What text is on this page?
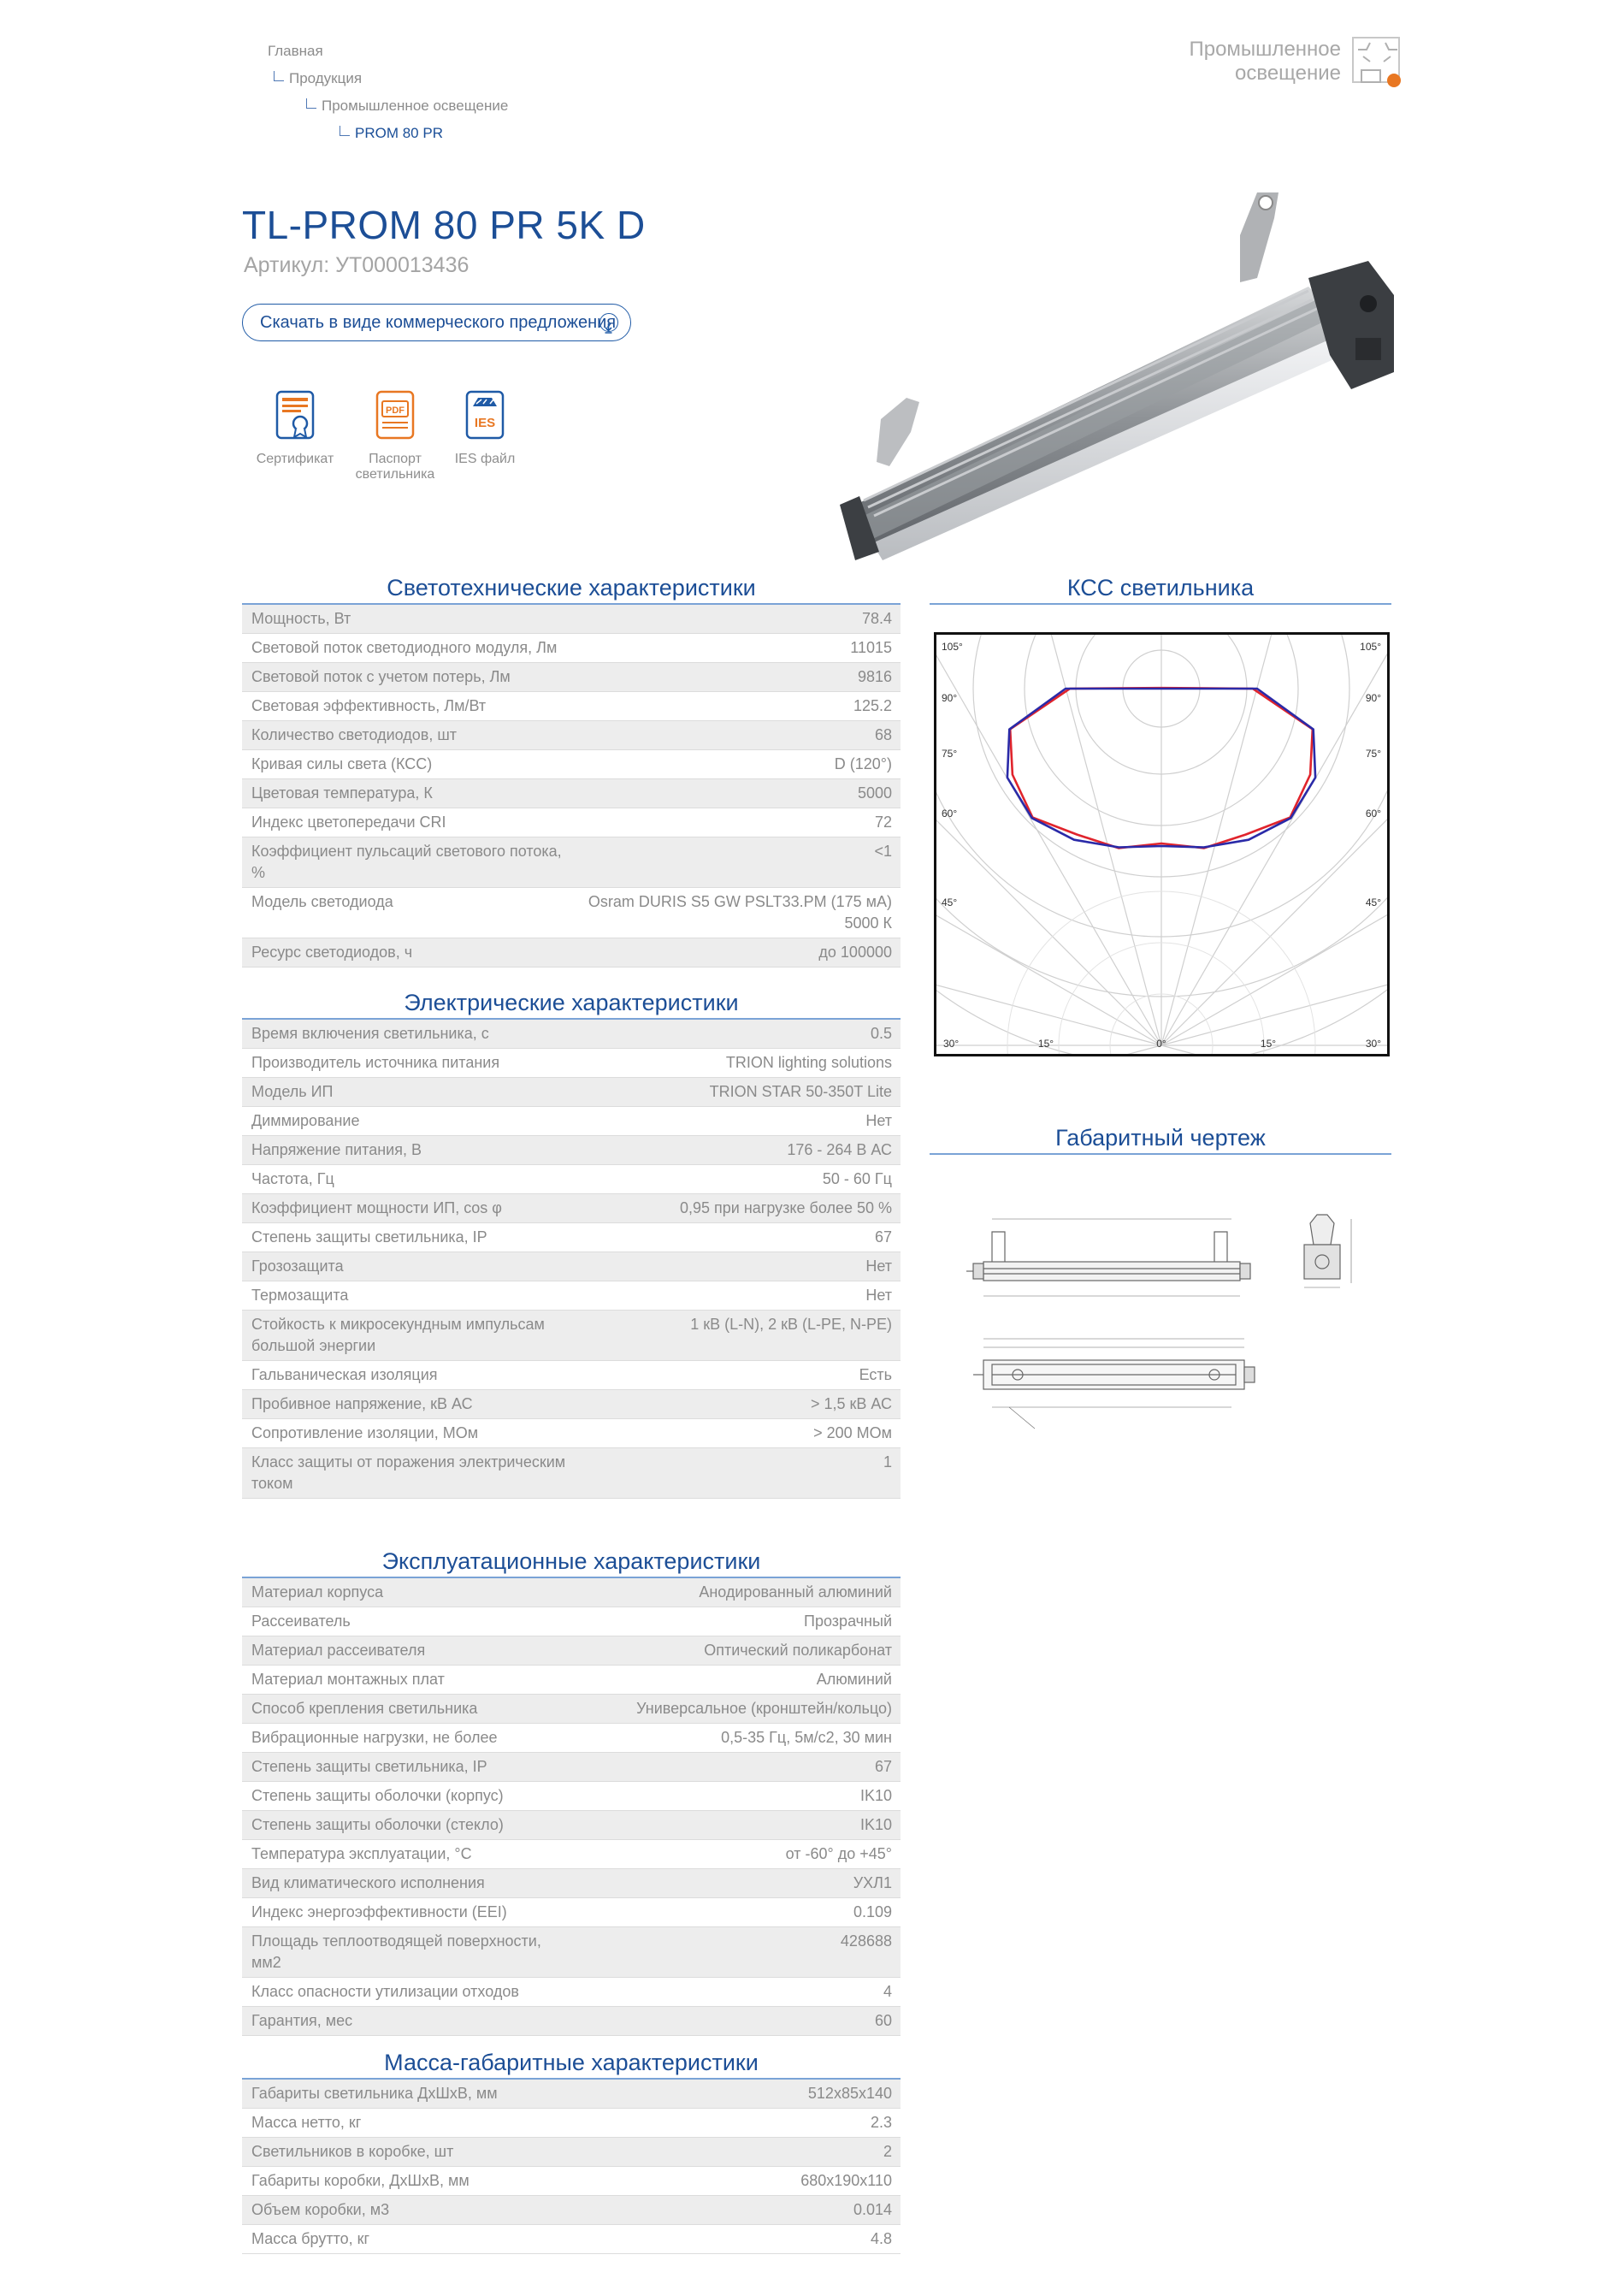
Главная
Продукция
Промышленное освещение
PROM 80 PR
Промышленное
освещение
TL-PROM 80 PR 5K D
Артикул: УТ000013436
Скачать в виде коммерческого предложения
Сертификат
PDF
Паспорт светильника
IES
IES файл
Светотехнические характеристики
Мощность, Вт	78.4
Световой поток светодиодного модуля, Лм	11015
Световой поток с учетом потерь, Лм	9816
Световая эффективность, Лм/Вт	125.2
Количество светодиодов, шт	68
Кривая силы света (КСС)	D (120°)
Цветовая температура, К	5000
Индекс цветопередачи CRI	72
Коэффициент пульсаций светового потока, %	<1
Модель светодиода	Osram DURIS S5 GW PSLT33.PM (175 мА) 5000 К
Ресурс светодиодов, ч	до 100000
Электрические характеристики
Время включения светильника, с	0.5
Производитель источника питания	TRION lighting solutions
Модель ИП	TRION STAR 50-350T Lite
Диммирование	Нет
Напряжение питания, В	176 - 264 В АС
Частота, Гц	50 - 60 Гц
Коэффициент мощности ИП, cos φ	0,95 при нагрузке более 50 %
Степень защиты светильника, IP	67
Грозозащита	Нет
Термозащита	Нет
Стойкость к микросекундным импульсам большой энергии	1 кВ (L-N), 2 кВ (L-PE, N-PE)
Гальваническая изоляция	Есть
Пробивное напряжение, кВ АС	> 1,5 кВ АС
Сопротивление изоляции, МОм	> 200 МОм
Класс защиты от поражения электрическим током	1
Эксплуатационные характеристики
Материал корпуса	Анодированный алюминий
Рассеиватель	Прозрачный
Материал рассеивателя	Оптический поликарбонат
Материал монтажных плат	Алюминий
Способ крепления светильника	Универсальное (кронштейн/кольцо)
Вибрационные нагрузки, не более	0,5-35 Гц, 5м/с2, 30 мин
Степень защиты светильника, IP	67
Степень защиты оболочки (корпус)	IK10
Степень защиты оболочки (стекло)	IK10
Температура эксплуатации, °С	от -60° до +45°
Вид климатического исполнения	УХЛ1
Индекс энергоэффективности (EEI)	0.109
Площадь теплоотводящей поверхности, мм2	428688
Класс опасности утилизации отходов	4
Гарантия, мес	60
Масса-габаритные характеристики
Габариты светильника ДхШхВ, мм	512х85х140
Масса нетто, кг	2.3
Светильников в коробке, шт	2
Габариты коробки, ДхШхВ, мм	680х190х110
Объем коробки, м3	0.014
Масса брутто, кг	4.8
КСС светильника
105°
90°
75°
60°
45°
105°
90°
75°
60°
45°
30°	15°	0°	15°	30°
Габаритный чертеж
